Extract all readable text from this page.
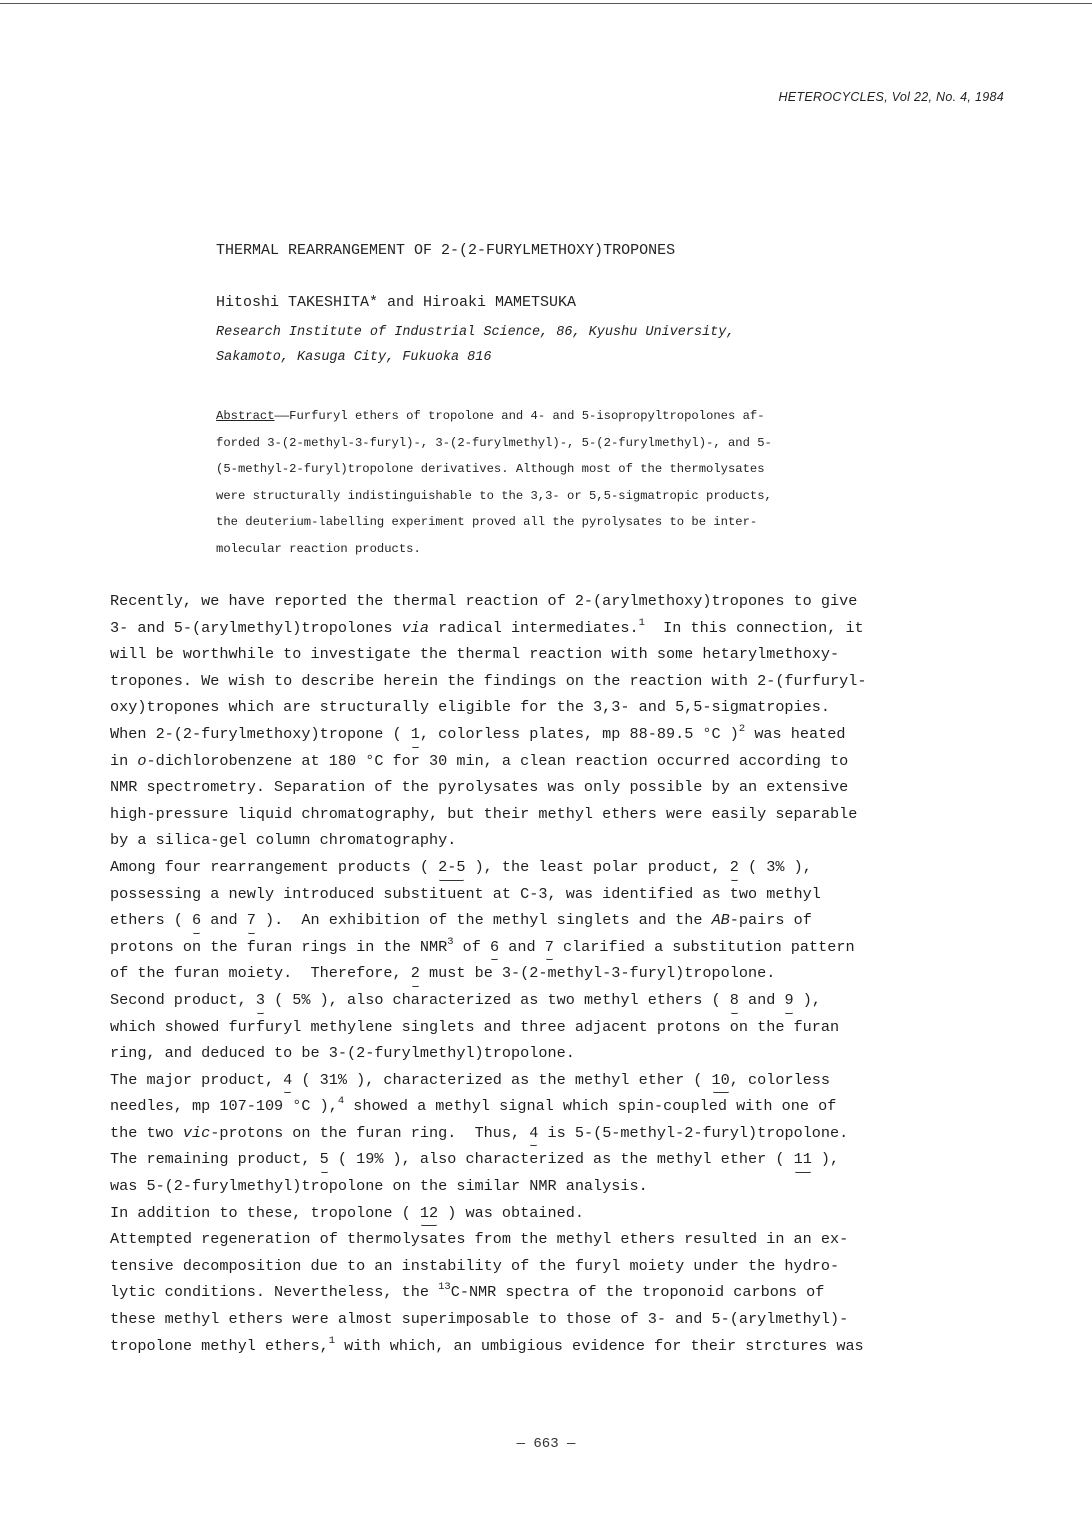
HETEROCYCLES, Vol 22, No. 4, 1984
THERMAL REARRANGEMENT OF 2-(2-FURYLMETHOXY)TROPONES
Hitoshi TAKESHITA* and Hiroaki MAMETSUKA
Research Institute of Industrial Science, 86, Kyushu University,
Sakamoto, Kasuga City, Fukuoka 816
Abstract——Furfuryl ethers of tropolone and 4- and 5-isopropyltropolones af-
forded 3-(2-methyl-3-furyl)-, 3-(2-furylmethyl)-, 5-(2-furylmethyl)-, and 5-
(5-methyl-2-furyl)tropolone derivatives. Although most of the thermolysates
were structurally indistinguishable to the 3,3- or 5,5-sigmatropic products,
the deuterium-labelling experiment proved all the pyrolysates to be inter-
molecular reaction products.
Recently, we have reported the thermal reaction of 2-(arylmethoxy)tropones to give
3- and 5-(arylmethyl)tropolones via radical intermediates.$^1$  In this connection, it
will be worthwhile to investigate the thermal reaction with some hetarylmethoxy-
tropones. We wish to describe herein the findings on the reaction with 2-(furfuryl-
oxy)tropones which are structurally eligible for the 3,3- and 5,5-sigmatropies.
When 2-(2-furylmethoxy)tropone ( 1, colorless plates, mp 88-89.5 °C )$^2$ was heated
in o-dichlorobenzene at 180 °C for 30 min, a clean reaction occurred according to
NMR spectrometry. Separation of the pyrolysates was only possible by an extensive
high-pressure liquid chromatography, but their methyl ethers were easily separable
by a silica-gel column chromatography.
Among four rearrangement products ( 2-5 ), the least polar product, 2 ( 3% ),
possessing a newly introduced substituent at C-3, was identified as two methyl
ethers ( 6 and 7 ).  An exhibition of the methyl singlets and the AB-pairs of
protons on the furan rings in the NMR$^3$ of 6 and 7 clarified a substitution pattern
of the furan moiety.  Therefore, 2 must be 3-(2-methyl-3-furyl)tropolone.
Second product, 3 ( 5% ), also characterized as two methyl ethers ( 8 and 9 ),
which showed furfuryl methylene singlets and three adjacent protons on the furan
ring, and deduced to be 3-(2-furylmethyl)tropolone.
The major product, 4 ( 31% ), characterized as the methyl ether ( 10, colorless
needles, mp 107-109 °C ),$^4$ showed a methyl signal which spin-coupled with one of
the two vic-protons on the furan ring.  Thus, 4 is 5-(5-methyl-2-furyl)tropolone.
The remaining product, 5 ( 19% ), also characterized as the methyl ether ( 11 ),
was 5-(2-furylmethyl)tropolone on the similar NMR analysis.
In addition to these, tropolone ( 12 ) was obtained.
Attempted regeneration of thermolysates from the methyl ethers resulted in an ex-
tensive decomposition due to an instability of the furyl moiety under the hydro-
lytic conditions. Nevertheless, the $^{13}$C-NMR spectra of the troponoid carbons of
these methyl ethers were almost superimposable to those of 3- and 5-(arylmethyl)-
tropolone methyl ethers,$^1$ with which, an umbigious evidence for their strctures was
— 663 —
